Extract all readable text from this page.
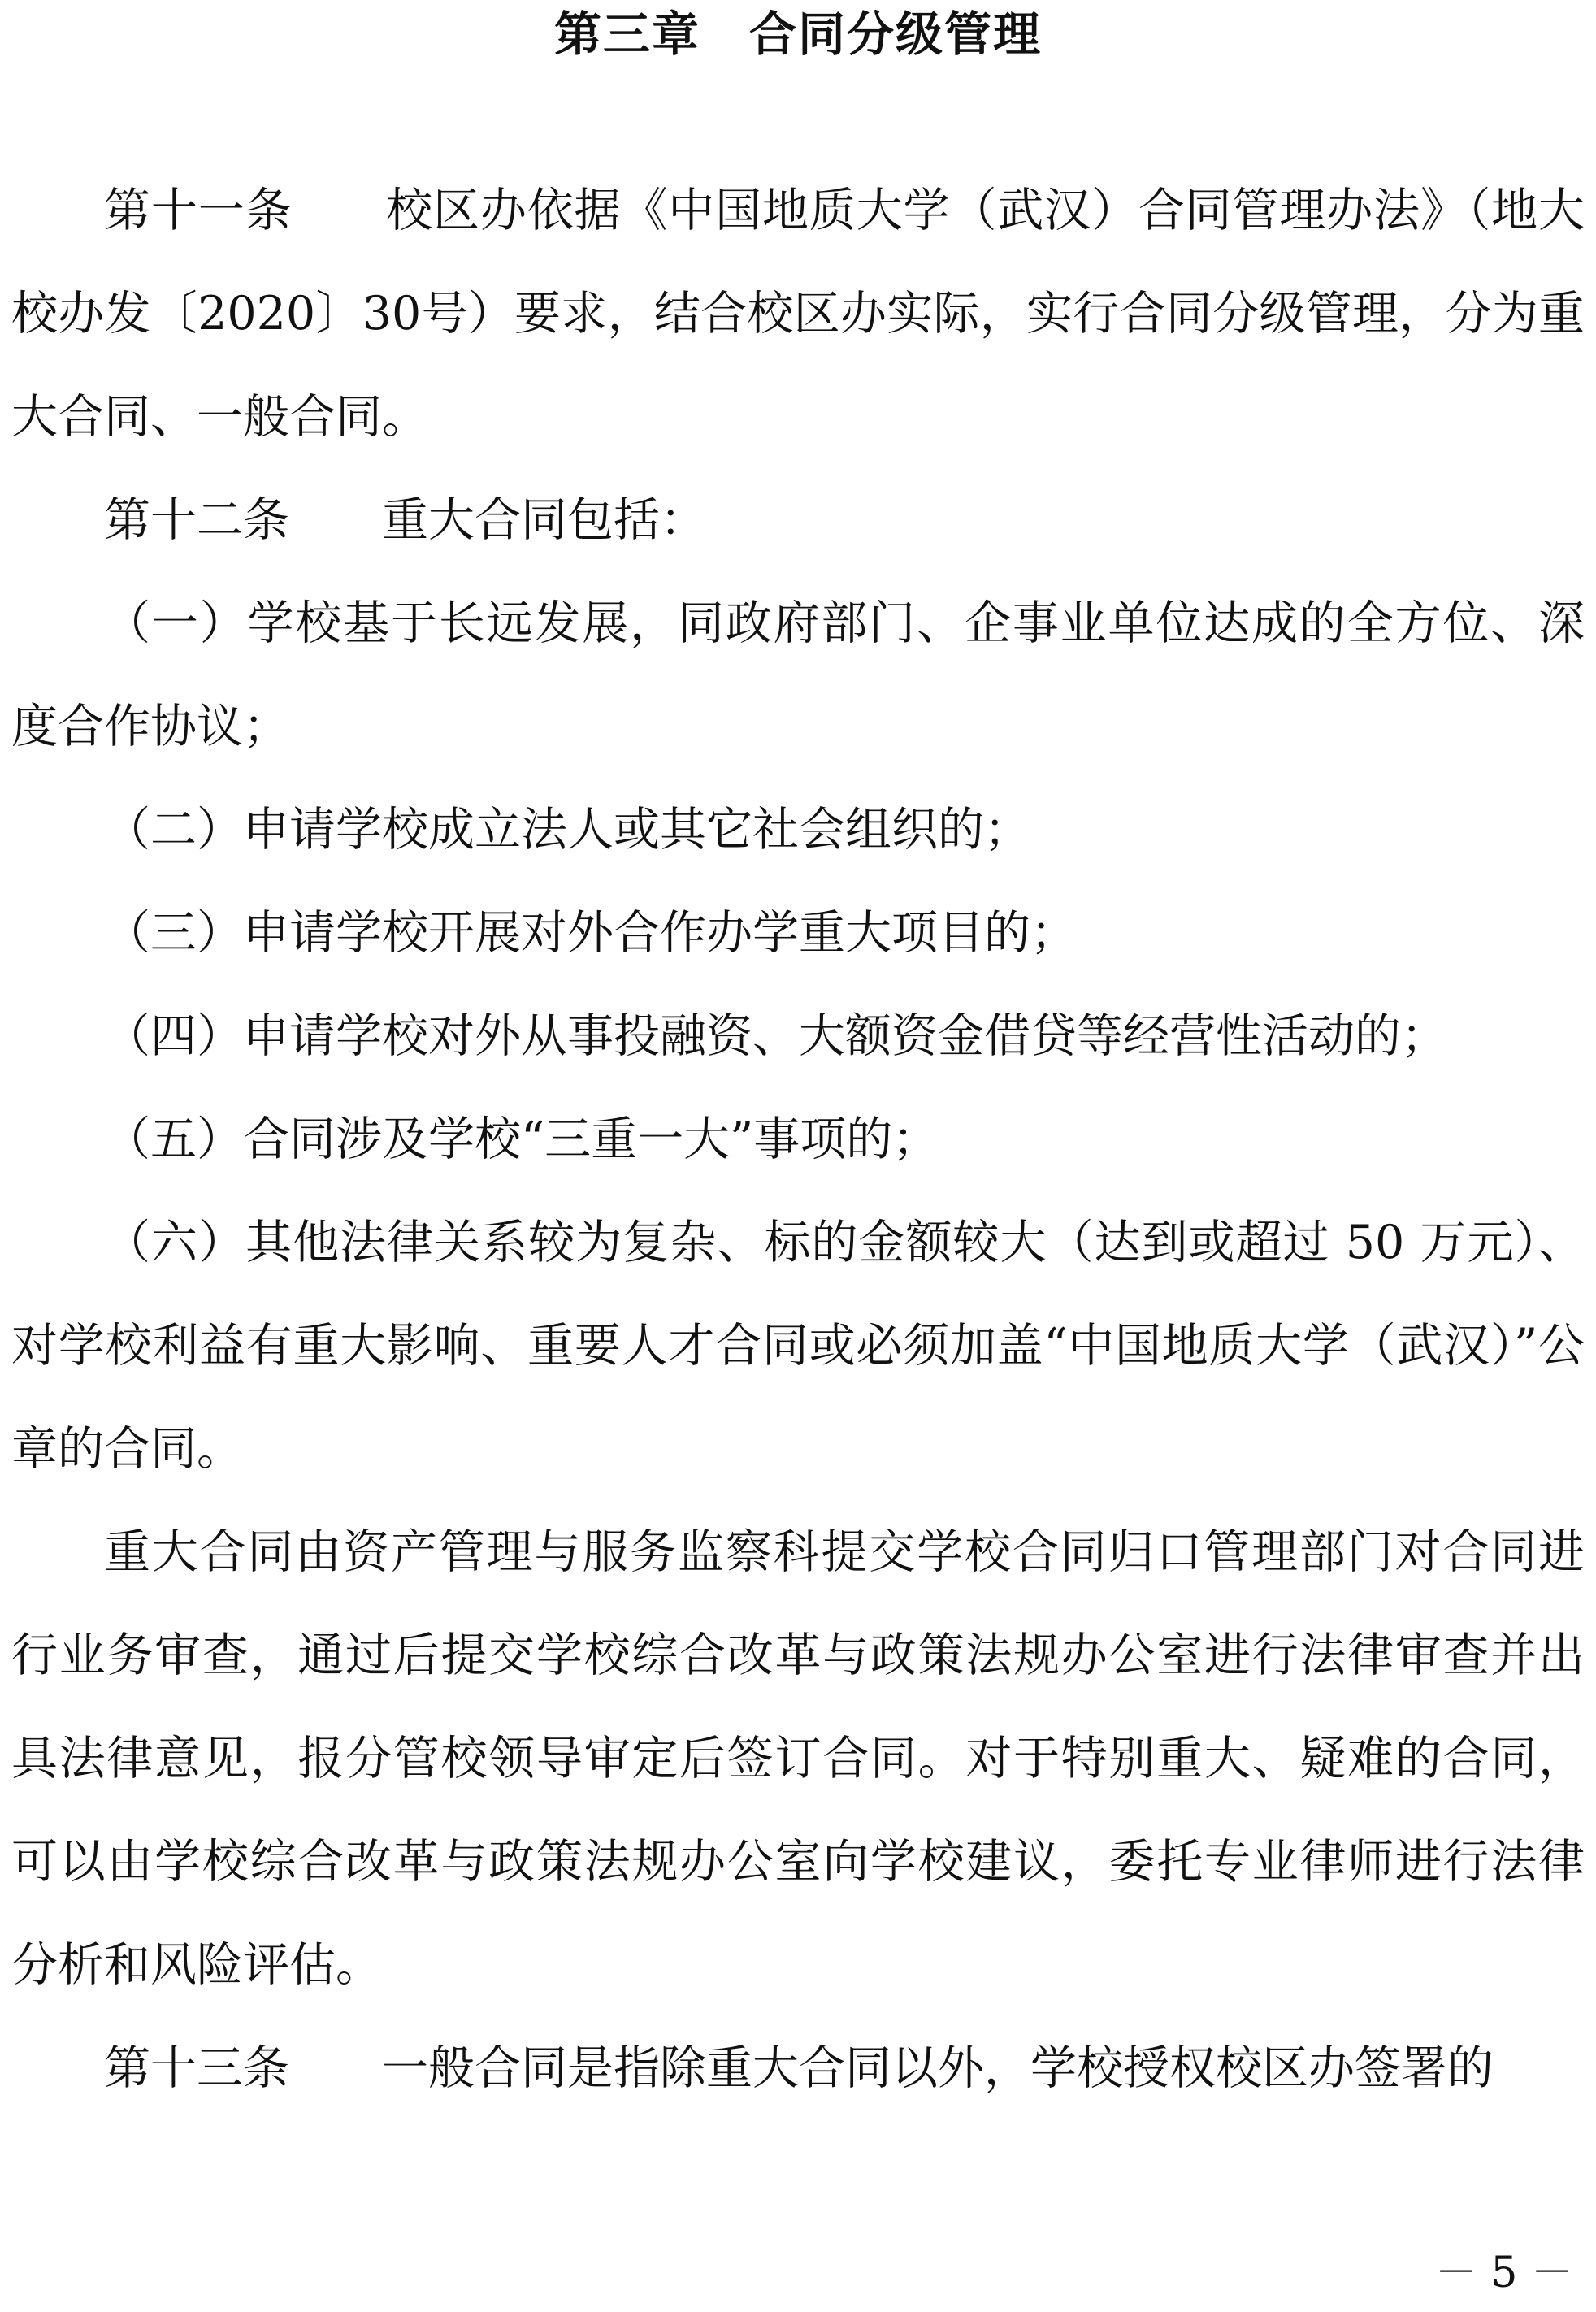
第三章　合同分级管理

第十一条　　 校区办依据《中国地质大学（武汉）合同管理办法》（地大校办发〔2020〕30号）要求，结合校区办实际，实行合同分级管理，分为重大合同、一般合同。

第十二条　　 重大合同包括：

（一）学校基于长远发展，同政府部门、企事业单位达成的全方位、深度合作协议；

（二）申请学校成立法人或其它社会组织的；

（三）申请学校开展对外合作办学重大项目的；

（四）申请学校对外从事投融资、大额资金借贷等经营性活动的；

（五）合同涉及学校“三重一大”事项的；

（六）其他法律关系较为复杂、标的金额较大（达到或超过 50 万元）、对学校利益有重大影响、重要人才合同或必须加盖“中国地质大学（武汉）”公章的合同。

重大合同由资产管理与服务监察科提交学校合同归口管理部门对合同进行业务审查，通过后提交学校综合改革与政策法规办公室进行法律审查并出具法律意见，报分管校领导审定后签订合同。对于特别重大、疑难的合同，可以由学校综合改革与政策法规办公室向学校建议，委托专业律师进行法律分析和风险评估。

第十三条　　 一般合同是指除重大合同以外，学校授权校区办签署的

－ 5 －
